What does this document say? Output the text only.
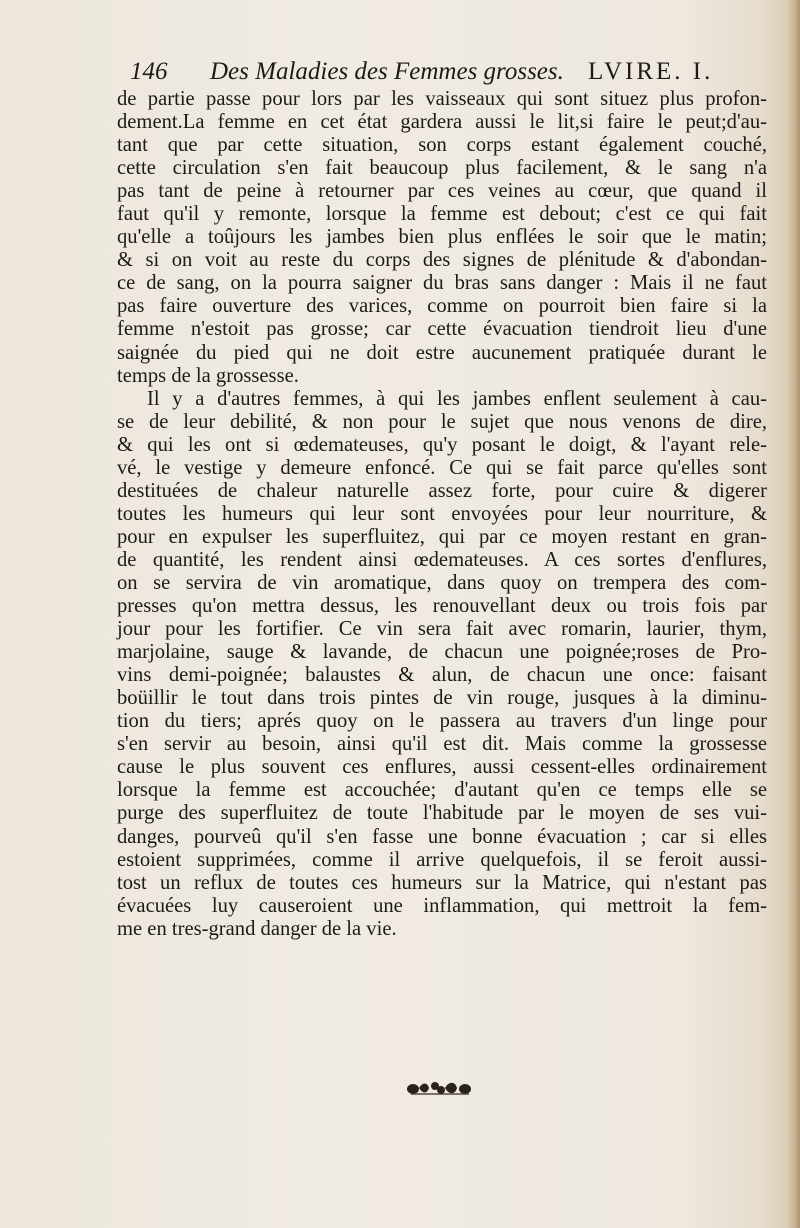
146 Des Maladies des Femmes grosses. LVIRE. I.
de partie passe pour lors par les vaisseaux qui sont situez plus profon-
dement.La femme en cet état gardera aussi le lit,si faire le peut;d'au-
tant que par cette situation, son corps estant également couché,
cette circulation s'en fait beaucoup plus facilement, & le sang n'a
pas tant de peine à retourner par ces veines au cœur, que quand il
faut qu'il y remonte, lorsque la femme est debout; c'est ce qui fait
qu'elle a toûjours les jambes bien plus enflées le soir que le matin;
& si on voit au reste du corps des signes de plénitude & d'abondan-
ce de sang, on la pourra saigner du bras sans danger : Mais il ne faut
pas faire ouverture des varices, comme on pourroit bien faire si la
femme n'estoit pas grosse; car cette évacuation tiendroit lieu d'une
saignée du pied qui ne doit estre aucunement pratiquée durant le
temps de la grossesse.
Il y a d'autres femmes, à qui les jambes enflent seulement à cau-
se de leur debilité, & non pour le sujet que nous venons de dire,
& qui les ont si œdemateuses, qu'y posant le doigt, & l'ayant rele-
vé, le vestige y demeure enfoncé. Ce qui se fait parce qu'elles sont
destituées de chaleur naturelle assez forte, pour cuire & digerer
toutes les humeurs qui leur sont envoyées pour leur nourriture, &
pour en expulser les superfluitez, qui par ce moyen restant en gran-
de quantité, les rendent ainsi œdemateuses. A ces sortes d'enflures,
on se servira de vin aromatique, dans quoy on trempera des com-
presses qu'on mettra dessus, les renouvellant deux ou trois fois par
jour pour les fortifier. Ce vin sera fait avec romarin, laurier, thym,
marjolaine, sauge & lavande, de chacun une poignée;roses de Pro-
vins demi-poignée; balaustes & alun, de chacun une once: faisant
boüillir le tout dans trois pintes de vin rouge, jusques à la diminu-
tion du tiers; aprés quoy on le passera au travers d'un linge pour
s'en servir au besoin, ainsi qu'il est dit. Mais comme la grossesse
cause le plus souvent ces enflures, aussi cessent-elles ordinairement
lorsque la femme est accouchée; d'autant qu'en ce temps elle se
purge des superfluitez de toute l'habitude par le moyen de ses vui-
danges, pourveû qu'il s'en fasse une bonne évacuation ; car si elles
estoient supprimées, comme il arrive quelquefois, il se feroit aussi-
tost un reflux de toutes ces humeurs sur la Matrice, qui n'estant pas
évacuées luy causeroient une inflammation, qui mettroit la fem-
me en tres-grand danger de la vie.
